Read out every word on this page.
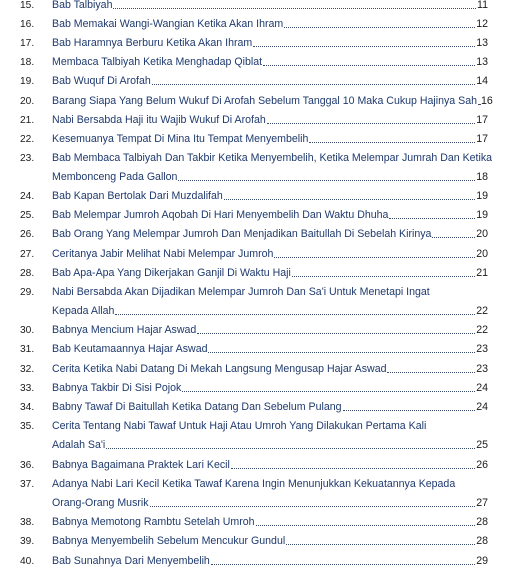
15. Bab Talbiyah	11
16. Bab Memakai Wangi-Wangian Ketika Akan Ihram	12
17. Bab Haramnya Berburu Ketika Akan Ihram	13
18. Membaca Talbiyah Ketika Menghadap Qiblat	13
19. Bab Wuquf Di Arofah	14
20. Barang Siapa Yang Belum Wukuf Di Arofah Sebelum Tanggal 10 Maka Cukup Hajinya Sah 16
21. Nabi Bersabda Haji itu Wajib Wukuf Di Arofah	17
22. Kesemuanya Tempat Di Mina Itu Tempat Menyembelih	17
23. Bab Membaca Talbiyah Dan Takbir Ketika Menyembelih, Ketika Melempar Jumrah Dan Ketika
Membonceng Pada Gallon	18
24. Bab Kapan Bertolak Dari Muzdalifah	19
25. Bab Melempar Jumroh Aqobah Di Hari Menyembelih Dan Waktu Dhuha	19
26. Bab Orang Yang Melempar Jumroh Dan Menjadikan Baitullah Di Sebelah Kirinya	20
27. Ceritanya Jabir Melihat Nabi Melempar Jumroh	20
28. Bab Apa-Apa Yang Dikerjakan Ganjil Di Waktu Haji	21
29. Nabi Bersabda Akan Dijadikan Melempar Jumroh Dan Sa'i Untuk Menetapi Ingat
Kepada Allah	22
30. Babnya Mencium Hajar Aswad	22
31. Bab Keutamaannya Hajar Aswad	23
32. Cerita Ketika Nabi Datang Di Mekah Langsung Mengusap Hajar Aswad	23
33. Babnya Takbir Di Sisi Pojok	24
34. Babny Tawaf Di Baitullah Ketika Datang Dan Sebelum Pulang	24
35. Cerita Tentang Nabi Tawaf Untuk Haji Atau Umroh Yang Dilakukan Pertama Kali
Adalah Sa'i	25
36. Babnya Bagaimana Praktek Lari Kecil	26
37. Adanya Nabi Lari Kecil Ketika Tawaf Karena Ingin Menunjukkan Kekuatannya Kepada
Orang-Orang Musrik	27
38. Babnya Memotong Rambtu Setelah Umroh	28
39. Babnya Menyembelih Sebelum Mencukur Gundul	28
40. Bab Sunahnya Dari Menyembelih	29
